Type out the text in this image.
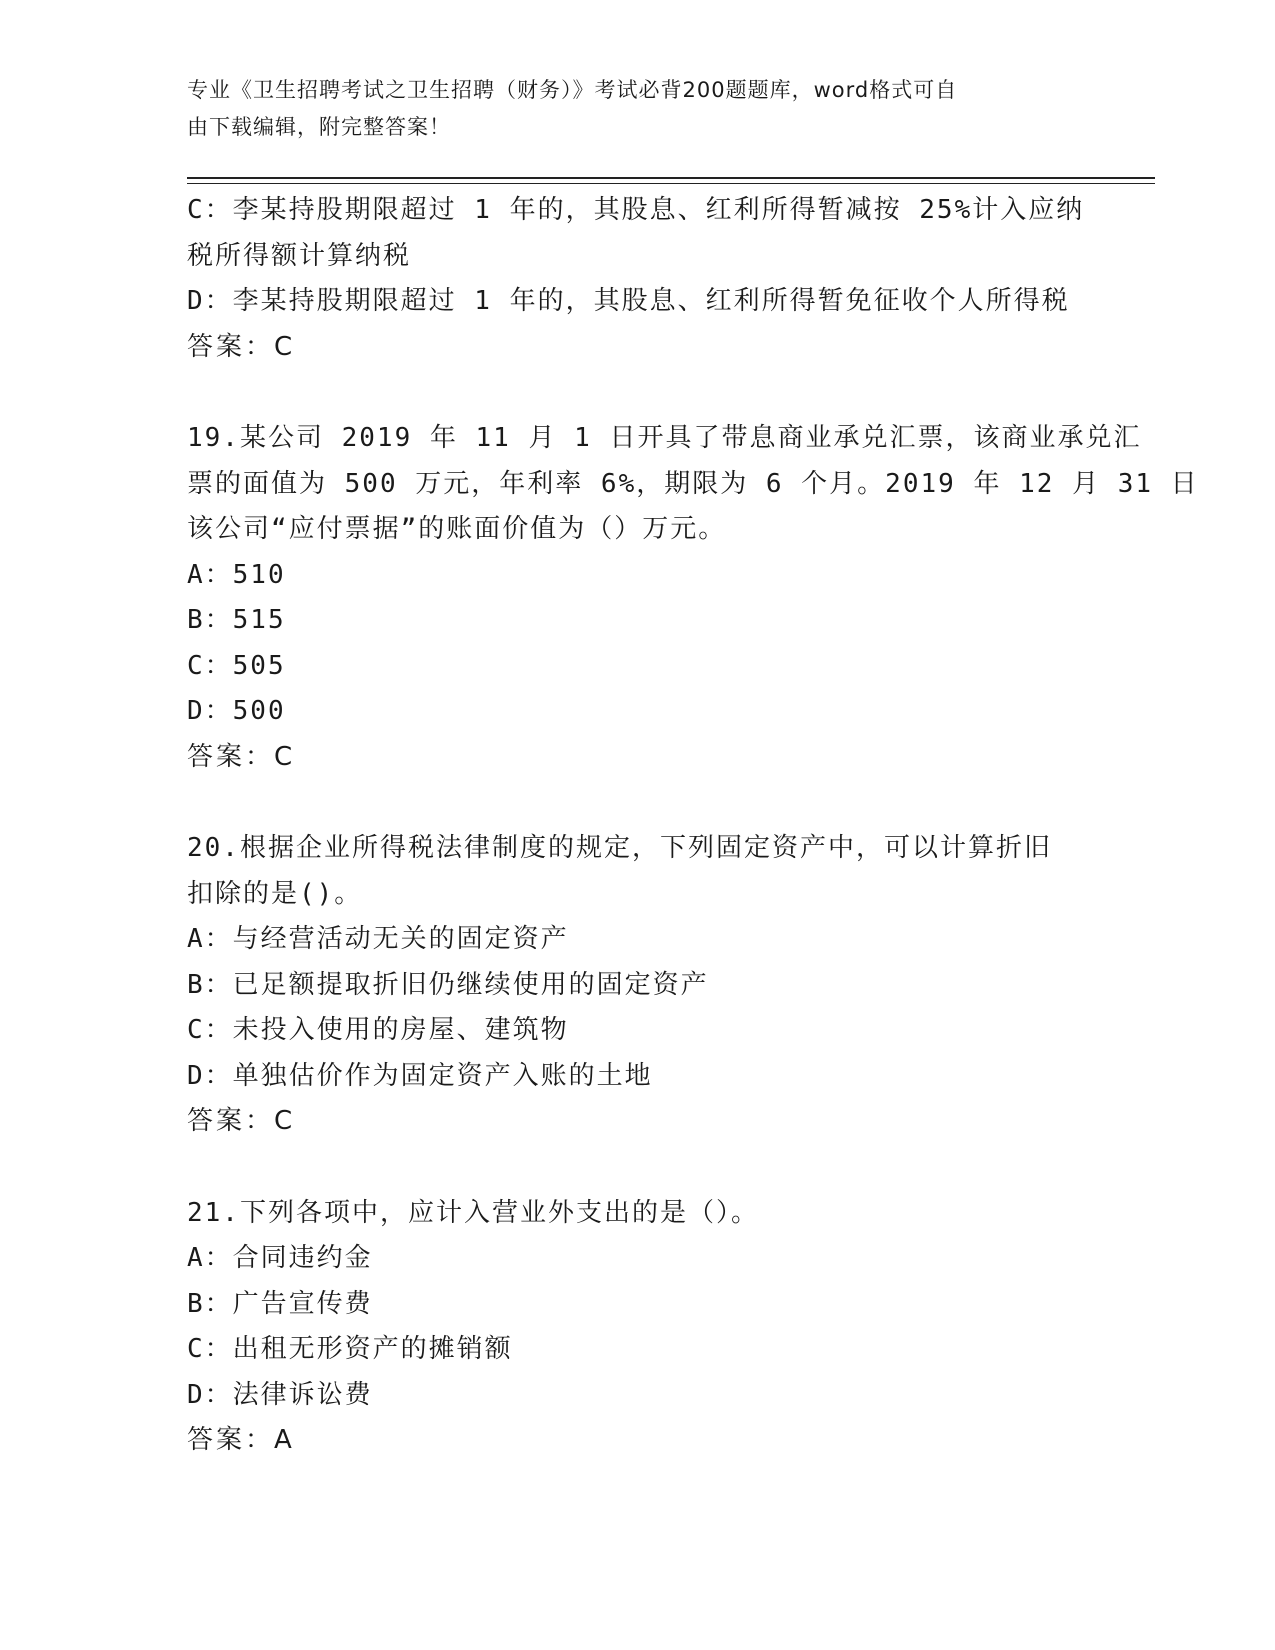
专业《卫生招聘考试之卫生招聘（财务）》考试必背200题题库，word格式可自
由下载编辑，附完整答案！

C：李某持股期限超过 1 年的，其股息、红利所得暂减按 25%计入应纳

税所得额计算纳税

D：李某持股期限超过 1 年的，其股息、红利所得暂免征收个人所得税

答案：C

19.某公司 2019 年 11 月 1 日开具了带息商业承兑汇票，该商业承兑汇

票的面值为 500 万元，年利率 6%，期限为 6 个月。2019 年 12 月 31 日

该公司“应付票据”的账面价值为（）万元。

A：510

B：515

C：505

D：500

答案：C

20.根据企业所得税法律制度的规定，下列固定资产中，可以计算折旧

扣除的是()。

A：与经营活动无关的固定资产

B：已足额提取折旧仍继续使用的固定资产

C：未投入使用的房屋、建筑物

D：单独估价作为固定资产入账的土地

答案：C

21.下列各项中，应计入营业外支出的是（）。

A：合同违约金

B：广告宣传费

C：出租无形资产的摊销额

D：法律诉讼费

答案：A
